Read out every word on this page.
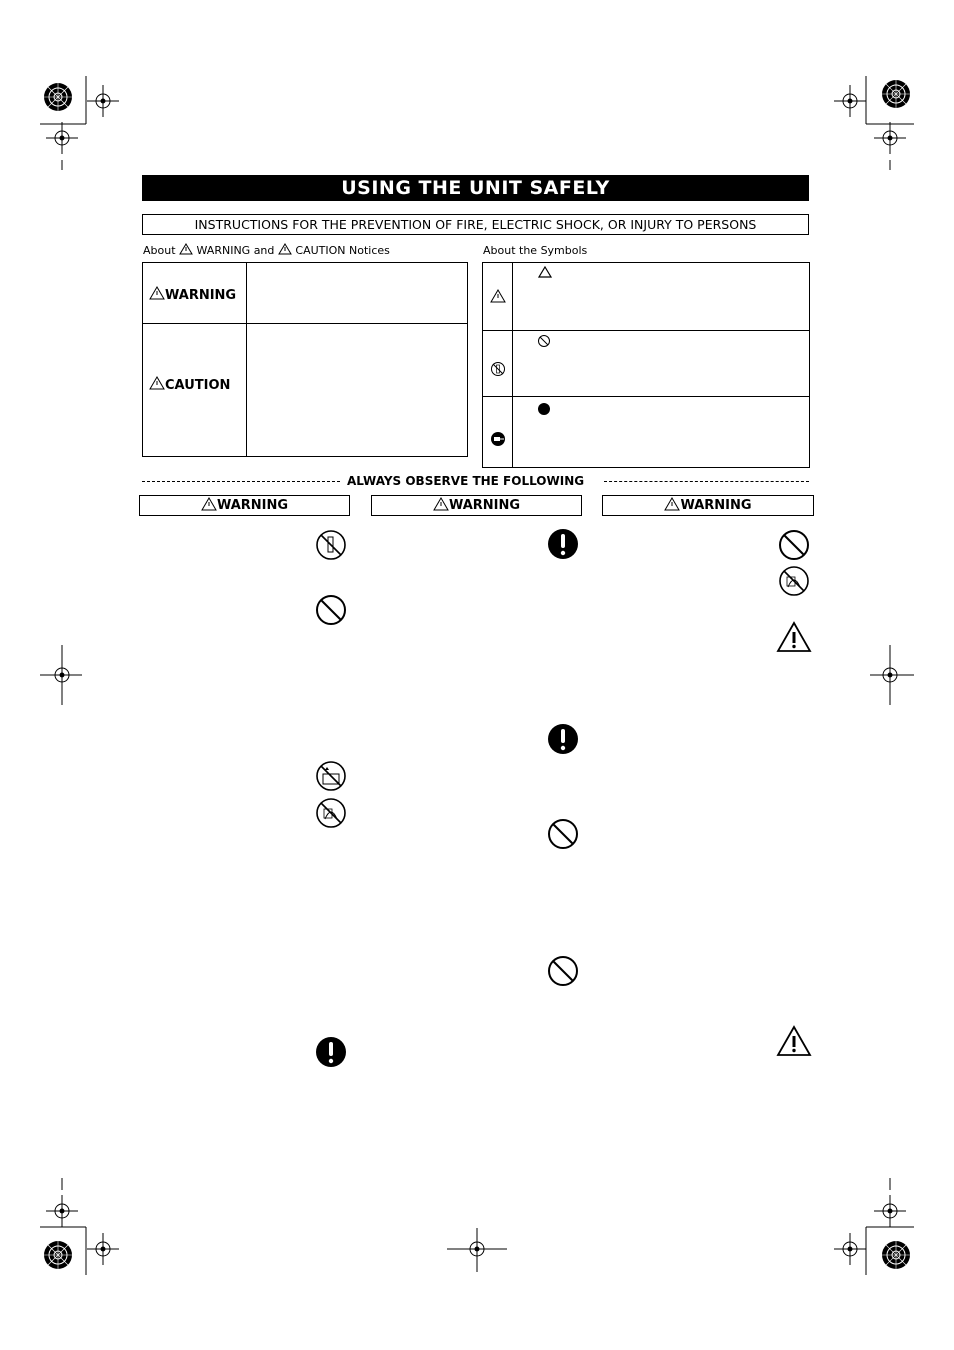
USING THE UNIT SAFELY
INSTRUCTIONS FOR THE PREVENTION OF FIRE, ELECTRIC SHOCK, OR INJURY TO PERSONS
About WARNING and CAUTION Notices	About the Symbols
WARNING
CAUTION
ALWAYS OBSERVE THE FOLLOWING
WARNING	WARNING	WARNING
